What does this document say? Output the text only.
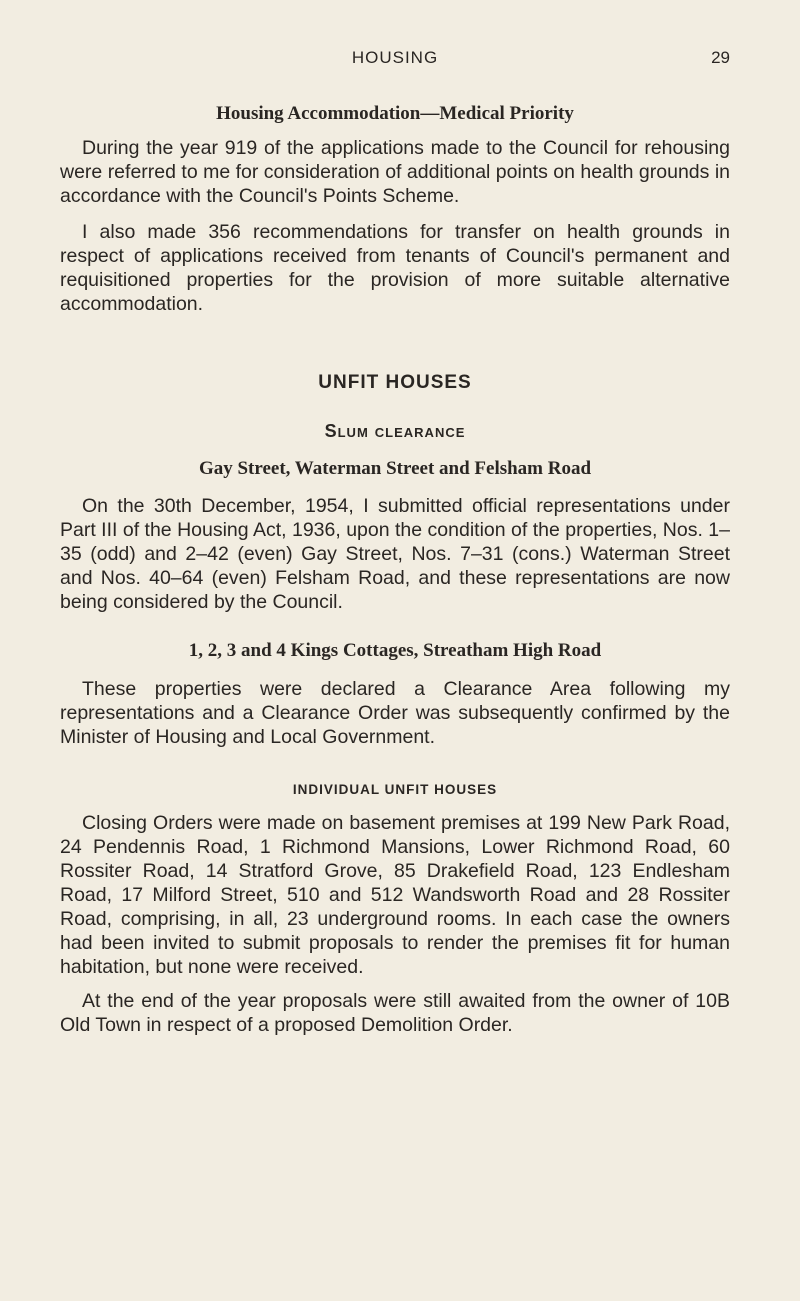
HOUSING	29
Housing Accommodation—Medical Priority

During the year 919 of the applications made to the Council for rehousing were referred to me for consideration of additional points on health grounds in accordance with the Council's Points Scheme.

I also made 356 recommendations for transfer on health grounds in respect of applications received from tenants of Council's permanent and requisitioned properties for the provision of more suitable alternative accommodation.

UNFIT HOUSES
Slum clearance
Gay Street, Waterman Street and Felsham Road

On the 30th December, 1954, I submitted official representations under Part III of the Housing Act, 1936, upon the condition of the properties, Nos. 1–35 (odd) and 2–42 (even) Gay Street, Nos. 7–31 (cons.) Waterman Street and Nos. 40–64 (even) Felsham Road, and these representations are now being considered by the Council.

1, 2, 3 and 4 Kings Cottages, Streatham High Road

These properties were declared a Clearance Area following my representations and a Clearance Order was subsequently confirmed by the Minister of Housing and Local Government.

INDIVIDUAL UNFIT HOUSES

Closing Orders were made on basement premises at 199 New Park Road, 24 Pendennis Road, 1 Richmond Mansions, Lower Richmond Road, 60 Rossiter Road, 14 Stratford Grove, 85 Drakefield Road, 123 Endlesham Road, 17 Milford Street, 510 and 512 Wandsworth Road and 28 Rossiter Road, comprising, in all, 23 underground rooms. In each case the owners had been invited to submit proposals to render the premises fit for human habitation, but none were received.

At the end of the year proposals were still awaited from the owner of 10B Old Town in respect of a proposed Demolition Order.
